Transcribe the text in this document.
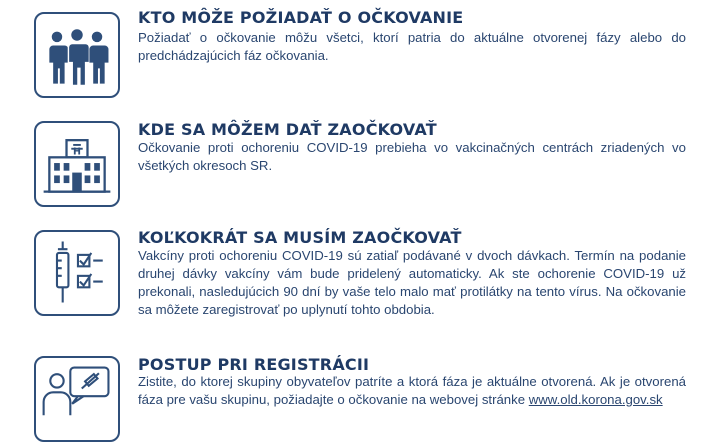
KTO MÔŽE POŽIADAŤ O OČKOVANIE

Požiadať o očkovanie môžu všetci, ktorí patria do aktuálne otvorenej fázy alebo do predchádzajúcich fáz očkovania.

H
KDE SA MÔŽEM DAŤ ZAOČKOVAŤ

Očkovanie proti ochoreniu COVID-19 prebieha vo vakcinačných centrách zriadených vo všetkých okresoch SR.

KOĽKOKRÁT SA MUSÍM ZAOČKOVAŤ

Vakcíny proti ochoreniu COVID-19 sú zatiaľ podávané v dvoch dávkach. Termín na podanie druhej dávky vakcíny vám bude pridelený automaticky. Ak ste ochorenie COVID-19 už prekonali, nasledujúcich 90 dní by vaše telo malo mať protilátky na tento vírus. Na očkovanie sa môžete zaregistrovať po uplynutí tohto obdobia.

POSTUP PRI REGISTRÁCII

Zistite, do ktorej skupiny obyvateľov patríte a ktorá fáza je aktuálne otvorená. Ak je otvorená fáza pre vašu skupinu, požiadajte o očkovanie na webovej stránke www.old.korona.gov.sk
